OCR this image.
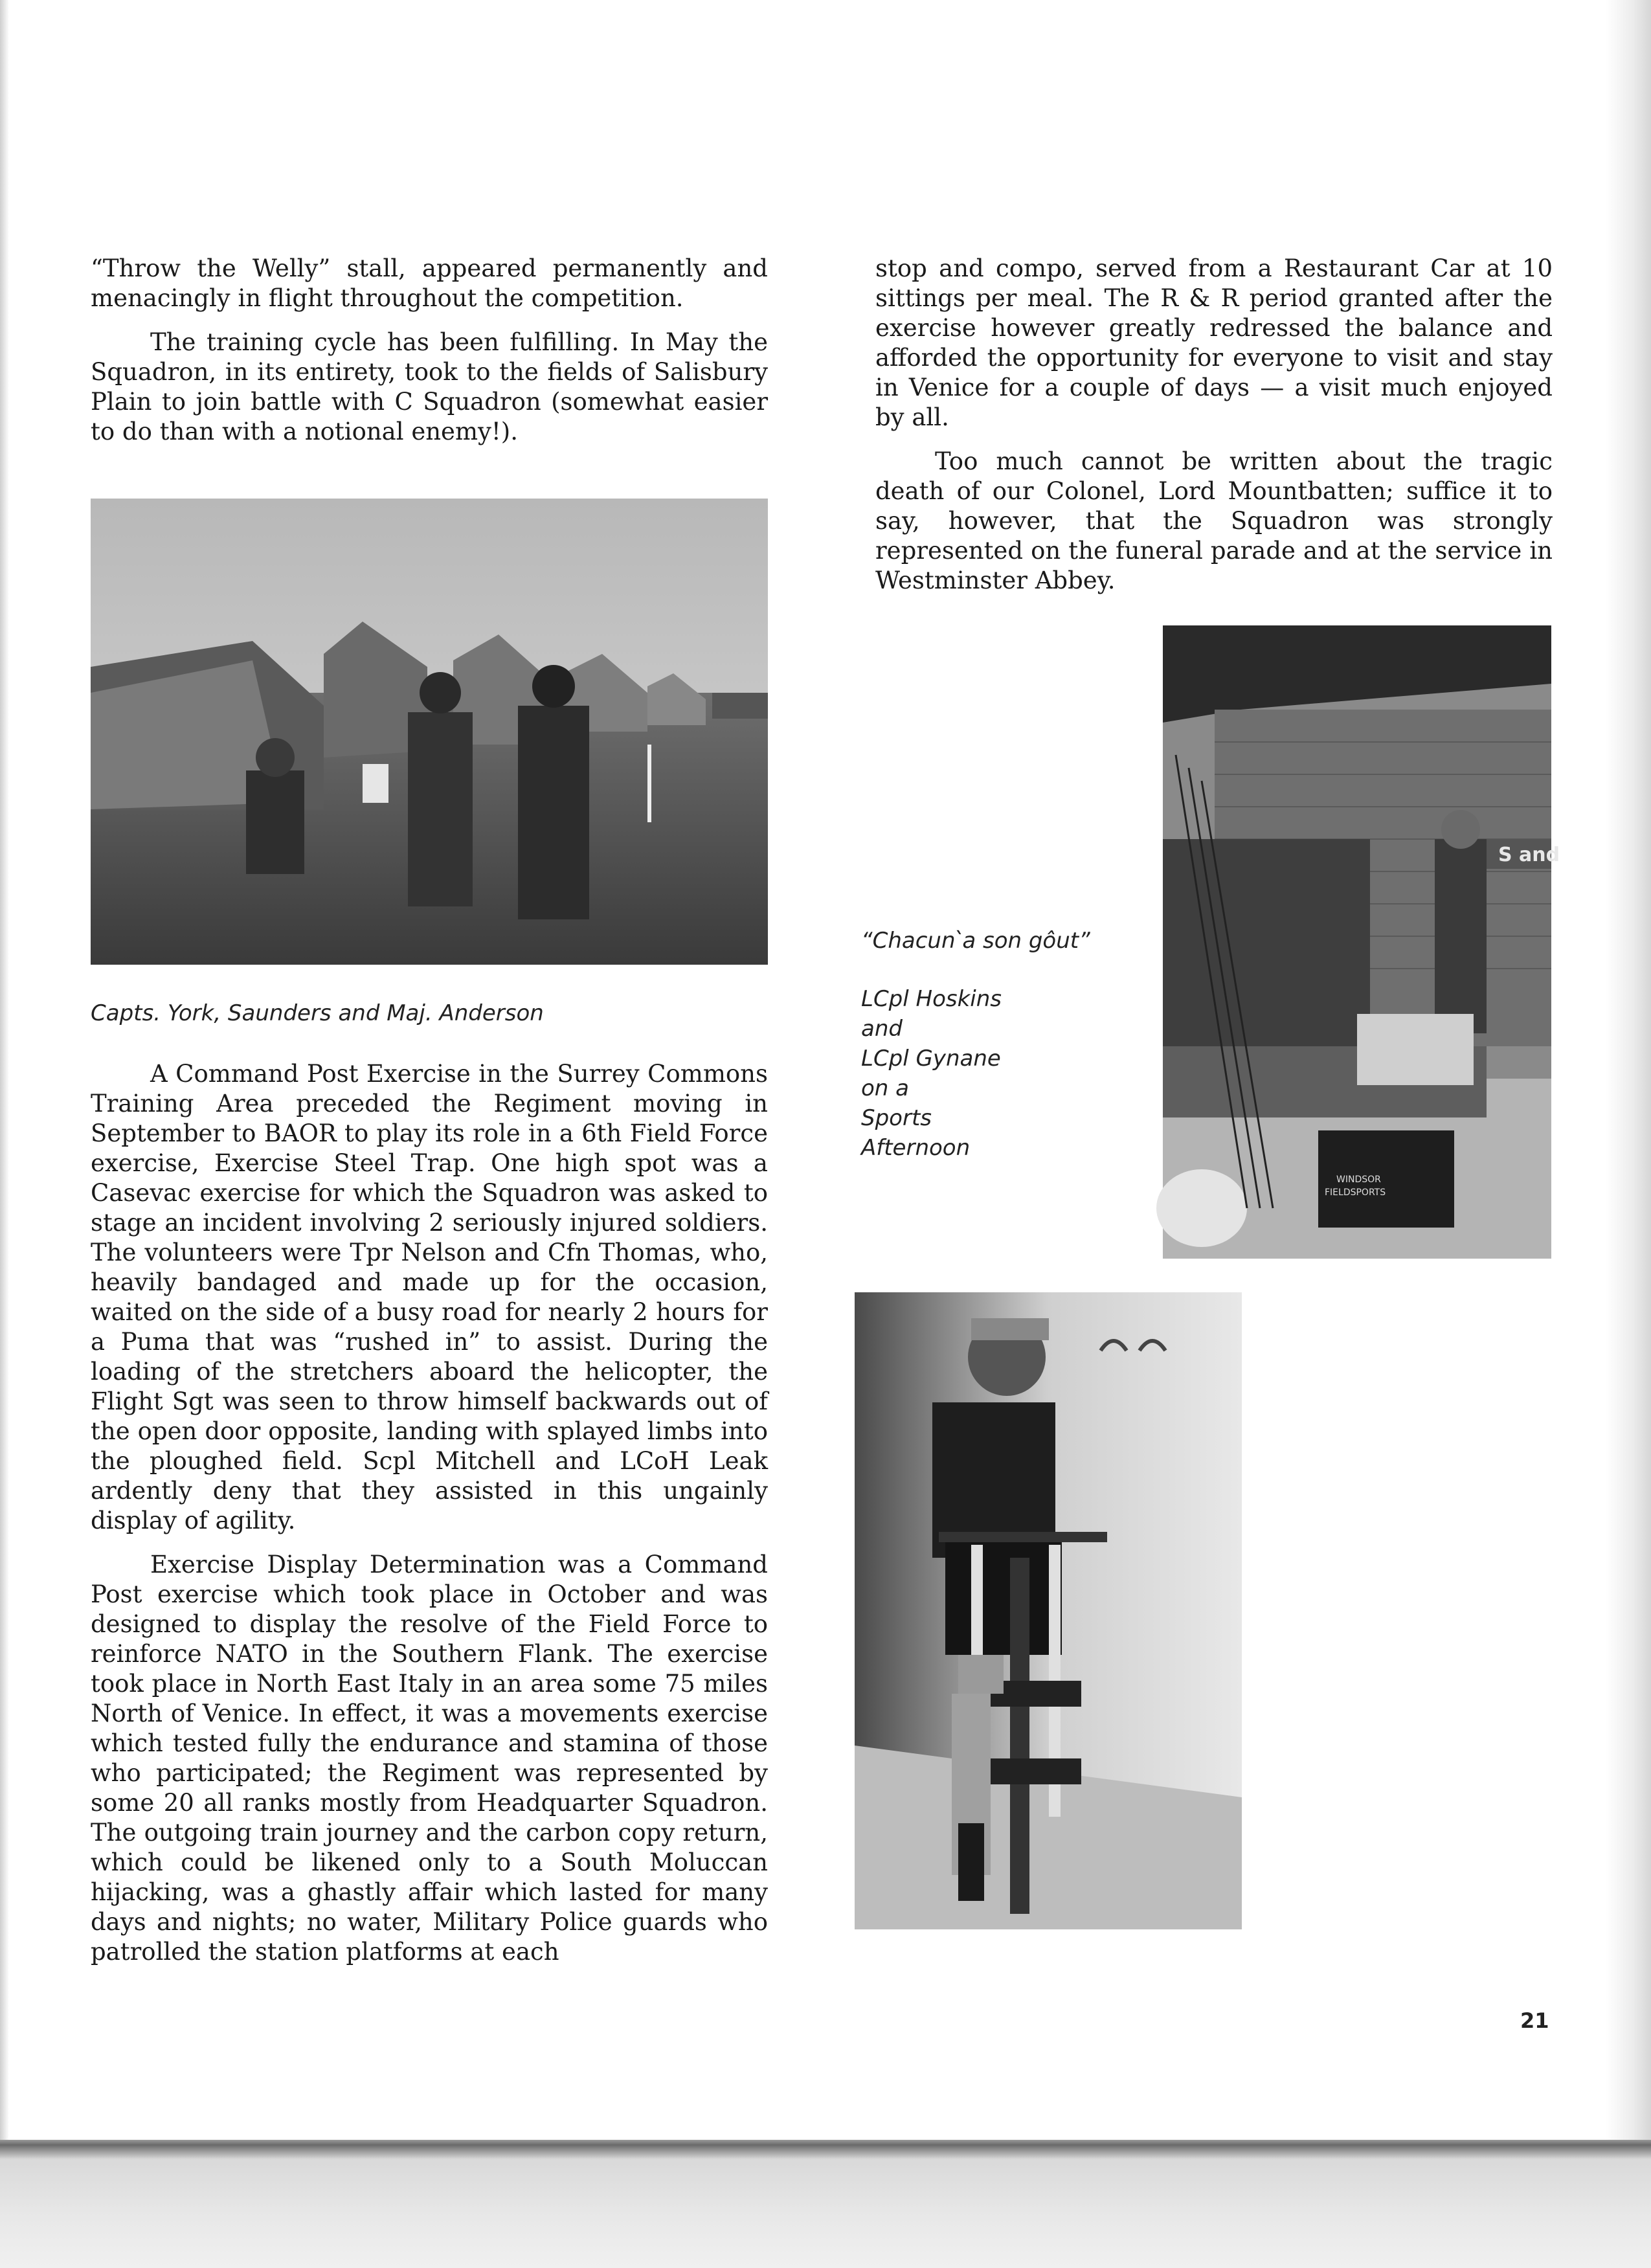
“Throw the Welly” stall, appeared permanently and menacingly in flight throughout the competition.

The training cycle has been fulfilling. In May the Squadron, in its entirety, took to the fields of Salisbury Plain to join battle with C Squadron (somewhat easier to do than with a notional enemy!).

Capts. York, Saunders and Maj. Anderson

A Command Post Exercise in the Surrey Commons Training Area preceded the Regiment moving in September to BAOR to play its role in a 6th Field Force exercise, Exercise Steel Trap. One high spot was a Casevac exercise for which the Squadron was asked to stage an incident involving 2 seriously injured soldiers. The volunteers were Tpr Nelson and Cfn Thomas, who, heavily bandaged and made up for the occasion, waited on the side of a busy road for nearly 2 hours for a Puma that was “rushed in” to assist. During the loading of the stretchers aboard the helicopter, the Flight Sgt was seen to throw himself backwards out of the open door opposite, landing with splayed limbs into the ploughed field. Scpl Mitchell and LCoH Leak ardently deny that they assisted in this ungainly display of agility.

Exercise Display Determination was a Command Post exercise which took place in October and was designed to display the resolve of the Field Force to reinforce NATO in the Southern Flank. The exercise took place in North East Italy in an area some 75 miles North of Venice. In effect, it was a movements exercise which tested fully the endurance and stamina of those who participated; the Regiment was represented by some 20 all ranks mostly from Headquarter Squadron. The outgoing train journey and the carbon copy return, which could be likened only to a South Moluccan hijacking, was a ghastly affair which lasted for many days and nights; no water, Military Police guards who patrolled the station platforms at each

stop and compo, served from a Restaurant Car at 10 sittings per meal. The R & R period granted after the exercise however greatly redressed the balance and afforded the opportunity for everyone to visit and stay in Venice for a couple of days — a visit much enjoyed by all.

Too much cannot be written about the tragic death of our Colonel, Lord Mountbatten; suffice it to say, however, that the Squadron was strongly represented on the funeral parade and at the service in Westminster Abbey.

S and
WINDSOR
FIELDSPORTS
“Chacun ̀a son gôut”
LCpl Hoskins
and
LCpl Gynane
on a
Sports
Afternoon
21
